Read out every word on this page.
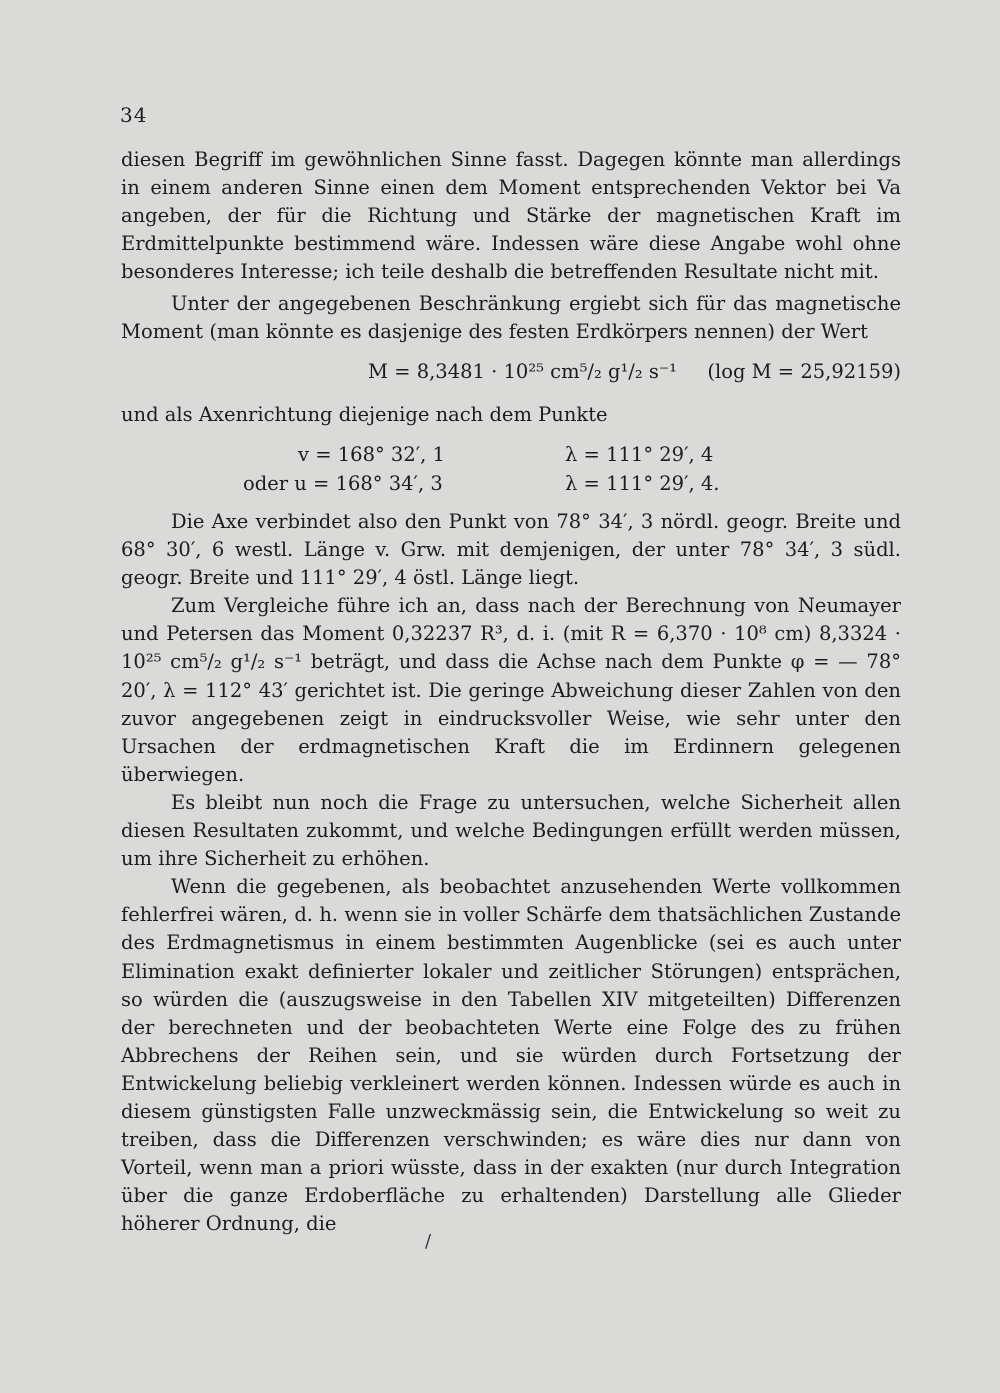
34

diesen Begriff im gewöhnlichen Sinne fasst. Dagegen könnte man allerdings in einem anderen Sinne einen dem Moment entsprechenden Vektor bei Va angeben, der für die Richtung und Stärke der magnetischen Kraft im Erdmittelpunkte bestimmend wäre. Indessen wäre diese Angabe wohl ohne besonderes Interesse; ich teile deshalb die betreffenden Resultate nicht mit.

Unter der angegebenen Beschränkung ergiebt sich für das magnetische Moment (man könnte es dasjenige des festen Erdkörpers nennen) der Wert

M = 8,3481 · 10²⁵ cm⁵/₂ g¹/₂ s⁻¹ (log M = 25,92159)
und als Axenrichtung diejenige nach dem Punkte
v = 168° 32′, 1	λ = 111° 29′, 4
oder u = 168° 34′, 3	λ = 111° 29′, 4.

Die Axe verbindet also den Punkt von 78° 34′, 3 nördl. geogr. Breite und 68° 30′, 6 westl. Länge v. Grw. mit demjenigen, der unter 78° 34′, 3 südl. geogr. Breite und 111° 29′, 4 östl. Länge liegt.

Zum Vergleiche führe ich an, dass nach der Berechnung von Neumayer und Petersen das Moment 0,32237 R³, d. i. (mit R = 6,370 · 10⁸ cm) 8,3324 · 10²⁵ cm⁵/₂ g¹/₂ s⁻¹ beträgt, und dass die Achse nach dem Punkte φ = — 78° 20′, λ = 112° 43′ gerichtet ist. Die geringe Abweichung dieser Zahlen von den zuvor angegebenen zeigt in eindrucksvoller Weise, wie sehr unter den Ursachen der erdmagnetischen Kraft die im Erdinnern gelegenen überwiegen.

Es bleibt nun noch die Frage zu untersuchen, welche Sicherheit allen diesen Resultaten zukommt, und welche Bedingungen erfüllt werden müssen, um ihre Sicherheit zu erhöhen.

Wenn die gegebenen, als beobachtet anzusehenden Werte vollkommen fehlerfrei wären, d. h. wenn sie in voller Schärfe dem thatsächlichen Zustande des Erdmagnetismus in einem bestimmten Augenblicke (sei es auch unter Elimination exakt definierter lokaler und zeitlicher Störungen) entsprächen, so würden die (auszugsweise in den Tabellen XIV mitgeteilten) Differenzen der berechneten und der beobachteten Werte eine Folge des zu frühen Abbrechens der Reihen sein, und sie würden durch Fortsetzung der Entwickelung beliebig verkleinert werden können. Indessen würde es auch in diesem günstigsten Falle unzweckmässig sein, die Entwickelung so weit zu treiben, dass die Differenzen verschwinden; es wäre dies nur dann von Vorteil, wenn man a priori wüsste, dass in der exakten (nur durch Integration über die ganze Erdoberfläche zu erhaltenden) Darstellung alle Glieder höherer Ordnung, die

/
